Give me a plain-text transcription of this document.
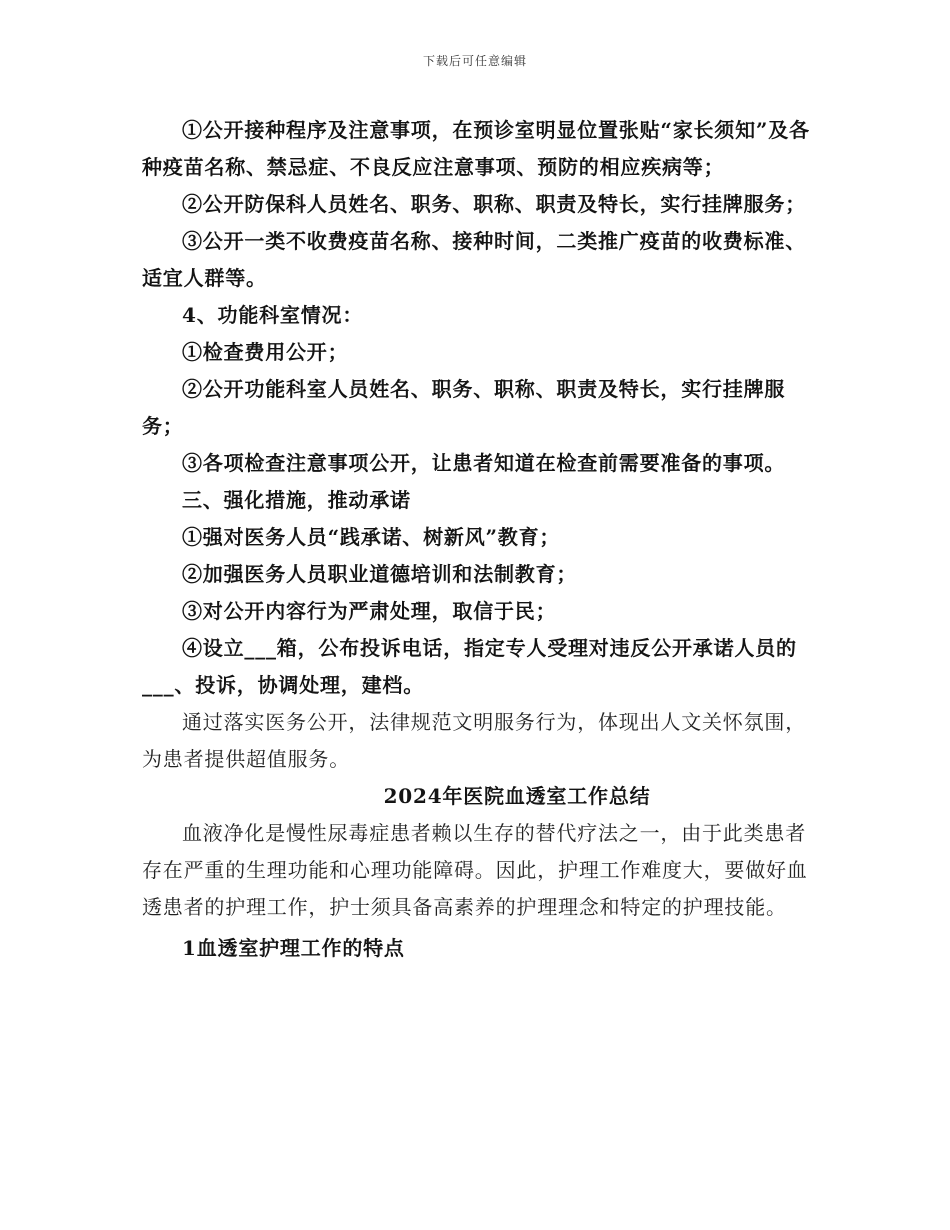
下载后可任意编辑

①公开接种程序及注意事项，在预诊室明显位置张贴“家长须知”及各种疫苗名称、禁忌症、不良反应注意事项、预防的相应疾病等；

②公开防保科人员姓名、职务、职称、职责及特长，实行挂牌服务；

③公开一类不收费疫苗名称、接种时间，二类推广疫苗的收费标准、适宜人群等。

4、功能科室情况：

①检查费用公开；

②公开功能科室人员姓名、职务、职称、职责及特长，实行挂牌服务；

③各项检查注意事项公开，让患者知道在检查前需要准备的事项。

三、强化措施，推动承诺

①强对医务人员“践承诺、树新风”教育；

②加强医务人员职业道德培训和法制教育；

③对公开内容行为严肃处理，取信于民；

④设立___箱，公布投诉电话，指定专人受理对违反公开承诺人员的___、投诉，协调处理，建档。

通过落实医务公开，法律规范文明服务行为，体现出人文关怀氛围，为患者提供超值服务。

2024年医院血透室工作总结

血液净化是慢性尿毒症患者赖以生存的替代疗法之一，由于此类患者存在严重的生理功能和心理功能障碍。因此，护理工作难度大，要做好血透患者的护理工作，护士须具备高素养的护理理念和特定的护理技能。

1血透室护理工作的特点
